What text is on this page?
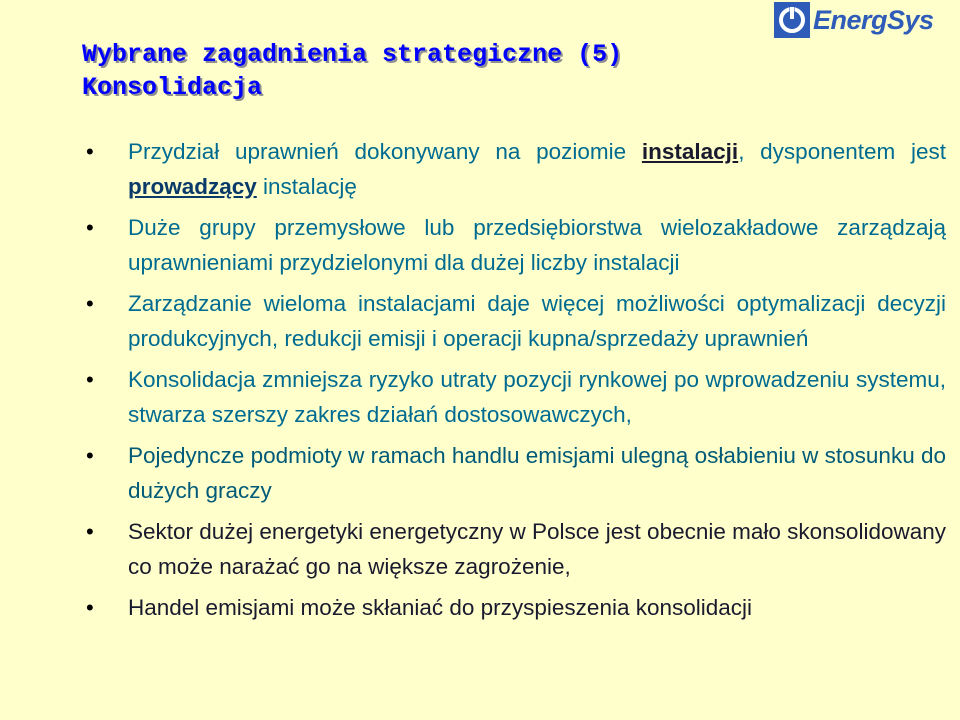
EnergSys
Wybrane zagadnienia strategiczne (5)
Konsolidacja
• Przydział uprawnień dokonywany na poziomie instalacji, dysponentem jest prowadzący instalację
• Duże grupy przemysłowe lub przedsiębiorstwa wielozakładowe zarządzają uprawnieniami przydzielonymi dla dużej liczby instalacji
• Zarządzanie wieloma instalacjami daje więcej możliwości optymalizacji decyzji produkcyjnych, redukcji emisji i operacji kupna/sprzedaży uprawnień
• Konsolidacja zmniejsza ryzyko utraty pozycji rynkowej po wprowadzeniu systemu, stwarza szerszy zakres działań dostosowawczych,
• Pojedyncze podmioty w ramach handlu emisjami ulegną osłabieniu w stosunku do dużych graczy
• Sektor dużej energetyki energetyczny w Polsce jest obecnie mało skonsolidowany co może narażać go na większe zagrożenie,
• Handel emisjami może skłaniać do przyspieszenia konsolidacji
